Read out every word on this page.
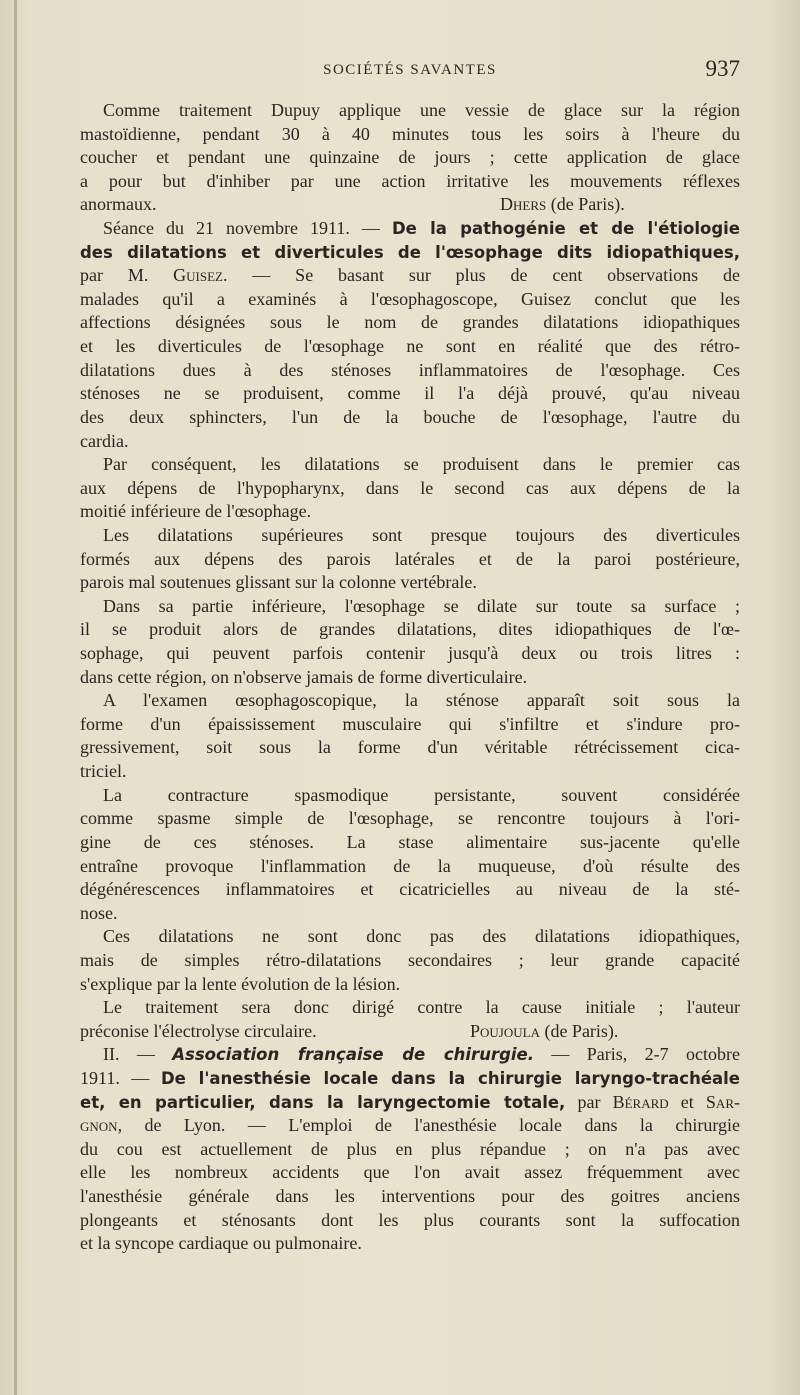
SOCIÉTÉS SAVANTES	937
Comme traitement Dupuy applique une vessie de glace sur la région
mastoïdienne, pendant 30 à 40 minutes tous les soirs à l'heure du
coucher et pendant une quinzaine de jours ; cette application de glace
a pour but d'inhiber par une action irritative les mouvements réflexes
anormaux.	Dhers (de Paris).
Séance du 21 novembre 1911. — De la pathogénie et de l'étiologie
des dilatations et diverticules de l'œsophage dits idiopathiques,
par M. Guisez. — Se basant sur plus de cent observations de
malades qu'il a examinés à l'œsophagoscope, Guisez conclut que les
affections désignées sous le nom de grandes dilatations idiopathiques
et les diverticules de l'œsophage ne sont en réalité que des rétro-
dilatations dues à des sténoses inflammatoires de l'œsophage. Ces
sténoses ne se produisent, comme il l'a déjà prouvé, qu'au niveau
des deux sphincters, l'un de la bouche de l'œsophage, l'autre du
cardia.
Par conséquent, les dilatations se produisent dans le premier cas
aux dépens de l'hypopharynx, dans le second cas aux dépens de la
moitié inférieure de l'œsophage.
Les dilatations supérieures sont presque toujours des diverticules
formés aux dépens des parois latérales et de la paroi postérieure,
parois mal soutenues glissant sur la colonne vertébrale.
Dans sa partie inférieure, l'œsophage se dilate sur toute sa surface ;
il se produit alors de grandes dilatations, dites idiopathiques de l'œ-
sophage, qui peuvent parfois contenir jusqu'à deux ou trois litres :
dans cette région, on n'observe jamais de forme diverticulaire.
A l'examen œsophagoscopique, la sténose apparaît soit sous la
forme d'un épaississement musculaire qui s'infiltre et s'indure pro-
gressivement, soit sous la forme d'un véritable rétrécissement cica-
triciel.
La contracture spasmodique persistante, souvent considérée
comme spasme simple de l'œsophage, se rencontre toujours à l'ori-
gine de ces sténoses. La stase alimentaire sus-jacente qu'elle
entraîne provoque l'inflammation de la muqueuse, d'où résulte des
dégénérescences inflammatoires et cicatricielles au niveau de la sté-
nose.
Ces dilatations ne sont donc pas des dilatations idiopathiques,
mais de simples rétro-dilatations secondaires ; leur grande capacité
s'explique par la lente évolution de la lésion.
Le traitement sera donc dirigé contre la cause initiale ; l'auteur
préconise l'électrolyse circulaire.	Poujoula (de Paris).
II. — Association française de chirurgie. — Paris, 2-7 octobre
1911. — De l'anesthésie locale dans la chirurgie laryngo-trachéale
et, en particulier, dans la laryngectomie totale, par Bérard et Sar-
gnon, de Lyon. — L'emploi de l'anesthésie locale dans la chirurgie
du cou est actuellement de plus en plus répandue ; on n'a pas avec
elle les nombreux accidents que l'on avait assez fréquemment avec
l'anesthésie générale dans les interventions pour des goitres anciens
plongeants et sténosants dont les plus courants sont la suffocation
et la syncope cardiaque ou pulmonaire.
